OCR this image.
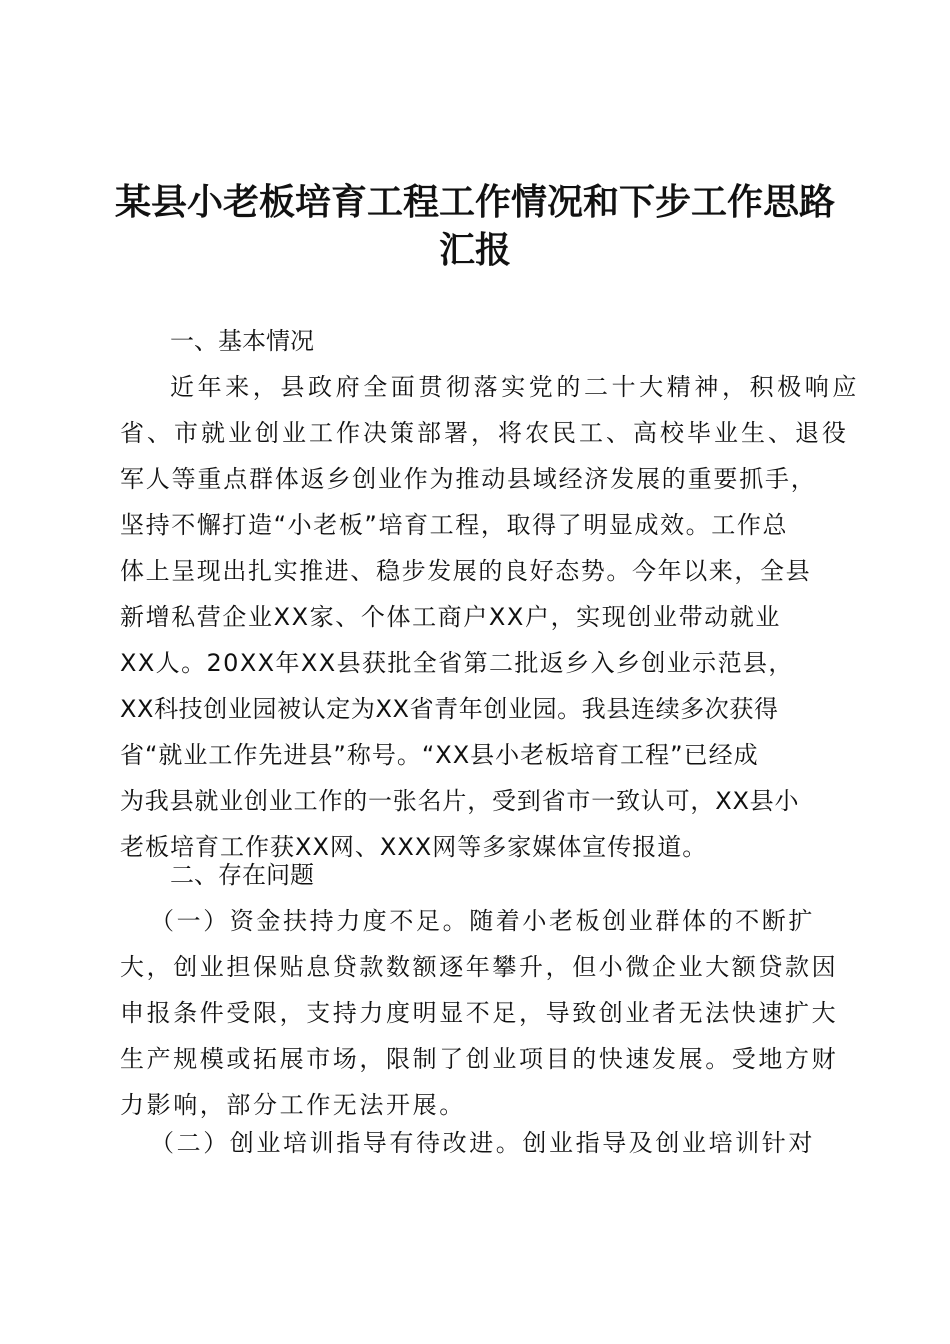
某县小老板培育工程工作情况和下步工作思路
汇报
一、基本情况
近年来，县政府全面贯彻落实党的二十大精神，积极响应
省、市就业创业工作决策部署，将农民工、高校毕业生、退役
军人等重点群体返乡创业作为推动县域经济发展的重要抓手，
坚持不懈打造“小老板”培育工程，取得了明显成效。工作总
体上呈现出扎实推进、稳步发展的良好态势。今年以来，全县
新增私营企业XX家、个体工商户XX户，实现创业带动就业
XX人。20XX年XX县获批全省第二批返乡入乡创业示范县，
XX科技创业园被认定为XX省青年创业园。我县连续多次获得
省“就业工作先进县”称号。“XX县小老板培育工程”已经成
为我县就业创业工作的一张名片，受到省市一致认可，XX县小
老板培育工作获XX网、XXX网等多家媒体宣传报道。
二、存在问题
（一）资金扶持力度不足。随着小老板创业群体的不断扩
大，创业担保贴息贷款数额逐年攀升，但小微企业大额贷款因
申报条件受限，支持力度明显不足，导致创业者无法快速扩大
生产规模或拓展市场，限制了创业项目的快速发展。受地方财
力影响，部分工作无法开展。
（二）创业培训指导有待改进。创业指导及创业培训针对
